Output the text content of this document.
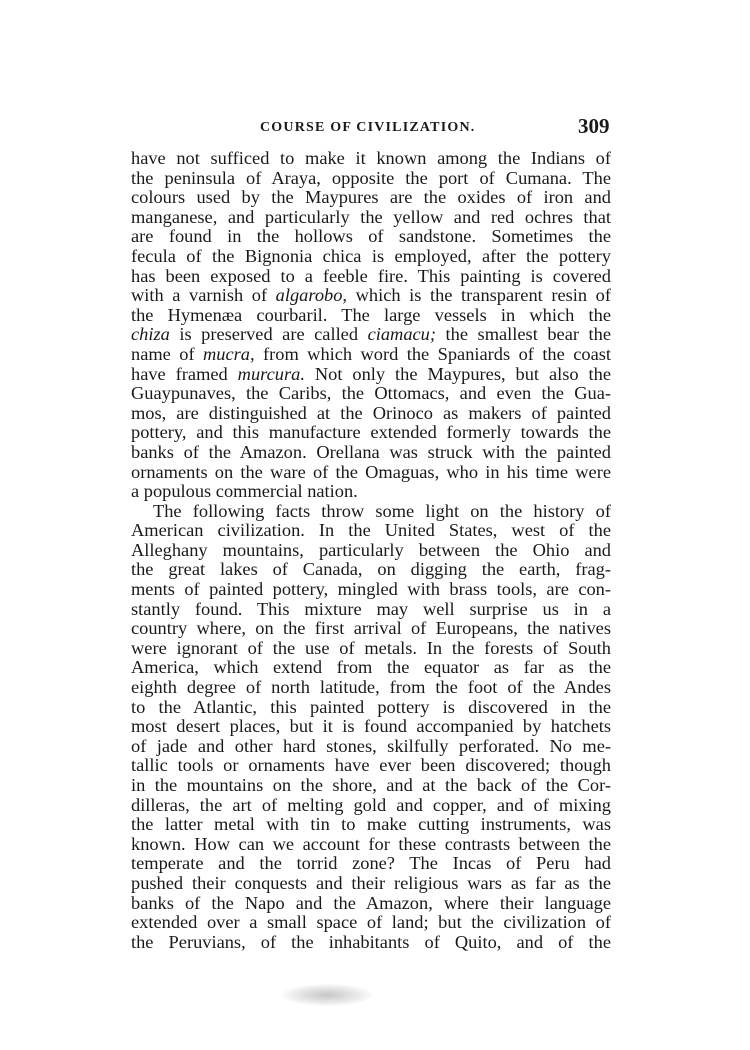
COURSE OF CIVILIZATION.	309
have not sufficed to make it known among the Indians of
the peninsula of Araya, opposite the port of Cumana. The
colours used by the Maypures are the oxides of iron and
manganese, and particularly the yellow and red ochres that
are found in the hollows of sandstone. Sometimes the
fecula of the Bignonia chica is employed, after the pottery
has been exposed to a feeble fire. This painting is covered
with a varnish of algarobo, which is the transparent resin of
the Hymenæa courbaril. The large vessels in which the
chiza is preserved are called ciamacu; the smallest bear the
name of mucra, from which word the Spaniards of the coast
have framed murcura. Not only the Maypures, but also the
Guaypunaves, the Caribs, the Ottomacs, and even the Gua-
mos, are distinguished at the Orinoco as makers of painted
pottery, and this manufacture extended formerly towards the
banks of the Amazon. Orellana was struck with the painted
ornaments on the ware of the Omaguas, who in his time were
a populous commercial nation.
The following facts throw some light on the history of
American civilization. In the United States, west of the
Alleghany mountains, particularly between the Ohio and
the great lakes of Canada, on digging the earth, frag-
ments of painted pottery, mingled with brass tools, are con-
stantly found. This mixture may well surprise us in a
country where, on the first arrival of Europeans, the natives
were ignorant of the use of metals. In the forests of South
America, which extend from the equator as far as the
eighth degree of north latitude, from the foot of the Andes
to the Atlantic, this painted pottery is discovered in the
most desert places, but it is found accompanied by hatchets
of jade and other hard stones, skilfully perforated. No me-
tallic tools or ornaments have ever been discovered; though
in the mountains on the shore, and at the back of the Cor-
dilleras, the art of melting gold and copper, and of mixing
the latter metal with tin to make cutting instruments, was
known. How can we account for these contrasts between the
temperate and the torrid zone? The Incas of Peru had
pushed their conquests and their religious wars as far as the
banks of the Napo and the Amazon, where their language
extended over a small space of land; but the civilization of
the Peruvians, of the inhabitants of Quito, and of the
